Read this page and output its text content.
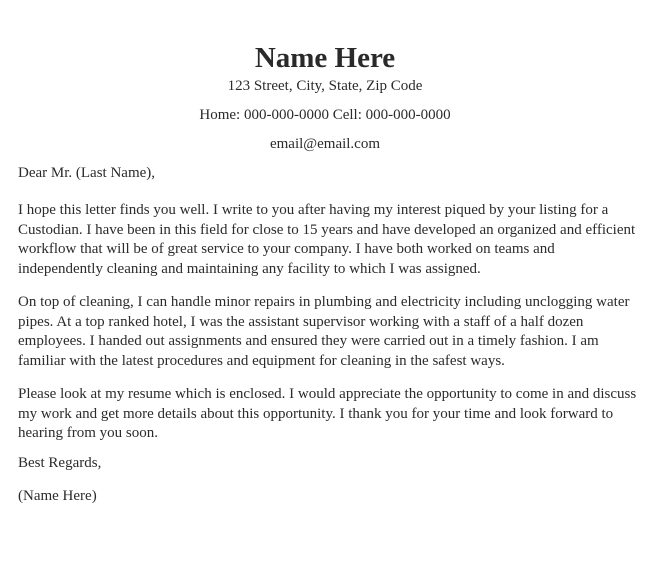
Name Here
123 Street, City, State, Zip Code
Home: 000-000-0000 Cell: 000-000-0000
email@email.com

Dear Mr. (Last Name),

I hope this letter finds you well. I write to you after having my interest piqued by your listing for a Custodian. I have been in this field for close to 15 years and have developed an organized and efficient workflow that will be of great service to your company. I have both worked on teams and independently cleaning and maintaining any facility to which I was assigned.

On top of cleaning, I can handle minor repairs in plumbing and electricity including unclogging water pipes. At a top ranked hotel, I was the assistant supervisor working with a staff of a half dozen employees. I handed out assignments and ensured they were carried out in a timely fashion. I am familiar with the latest procedures and equipment for cleaning in the safest ways.

Please look at my resume which is enclosed. I would appreciate the opportunity to come in and discuss my work and get more details about this opportunity. I thank you for your time and look forward to hearing from you soon.

Best Regards,

(Name Here)
